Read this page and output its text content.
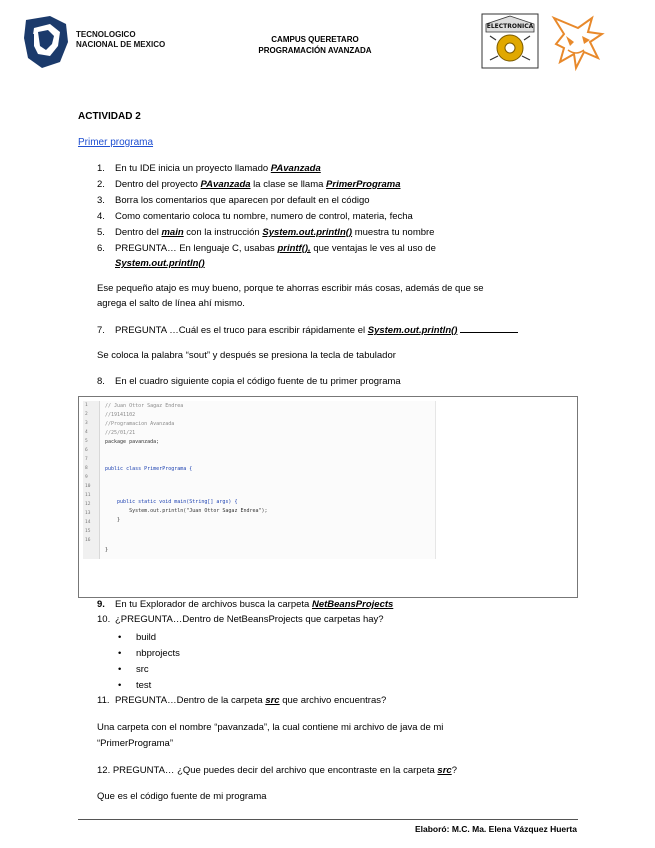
TECNOLOGICO
NACIONAL DE MEXICO
CAMPUS QUERETARO
PROGRAMACIÓN AVANZADA
ELECTRONICA
ACTIVIDAD 2
Primer programa
1. En tu IDE inicia un proyecto llamado PAvanzada
2. Dentro del proyecto PAvanzada la clase se llama PrimerPrograma
3. Borra los comentarios que aparecen por default en el código
4. Como comentario coloca tu nombre, numero de control, materia, fecha
5. Dentro del main con la instrucción System.out.println() muestra tu nombre
6. PREGUNTA… En lenguaje C, usabas printf(), que ventajas le ves al uso de
System.out.println()
Ese pequeño atajo es muy bueno, porque te ahorras escribir más cosas, además de que se
agrega el salto de línea ahí mismo.
7. PREGUNTA …Cuál es el truco para escribir rápidamente el System.out.println()
Se coloca la palabra “sout” y después se presiona la tecla de tabulador
8. En el cuadro siguiente copia el código fuente de tu primer programa
1
2
3
4
5
6
7
8
9
10
11
12
13
14
15
16
// Juan Ottor Sagaz Endrea
//19141102
//Programacion Avanzada
//25/01/21
package pavanzada;
public class PrimerPrograma {
public static void main(String[] args) {
System.out.println("Juan Ottor Sagaz Endrea");
}
}
9. En tu Explorador de archivos busca la carpeta NetBeansProjects
10. ¿PREGUNTA…Dentro de NetBeansProjects que carpetas hay?
• build
• nbprojects
• src
• test
11. PREGUNTA…Dentro de la carpeta src que archivo encuentras?
Una carpeta con el nombre “pavanzada”, la cual contiene mi archivo de java de mi
“PrimerPrograma”
12. PREGUNTA… ¿Que puedes decir del archivo que encontraste en la carpeta src?
Que es el código fuente de mi programa
Elaboró: M.C. Ma. Elena Vázquez Huerta
